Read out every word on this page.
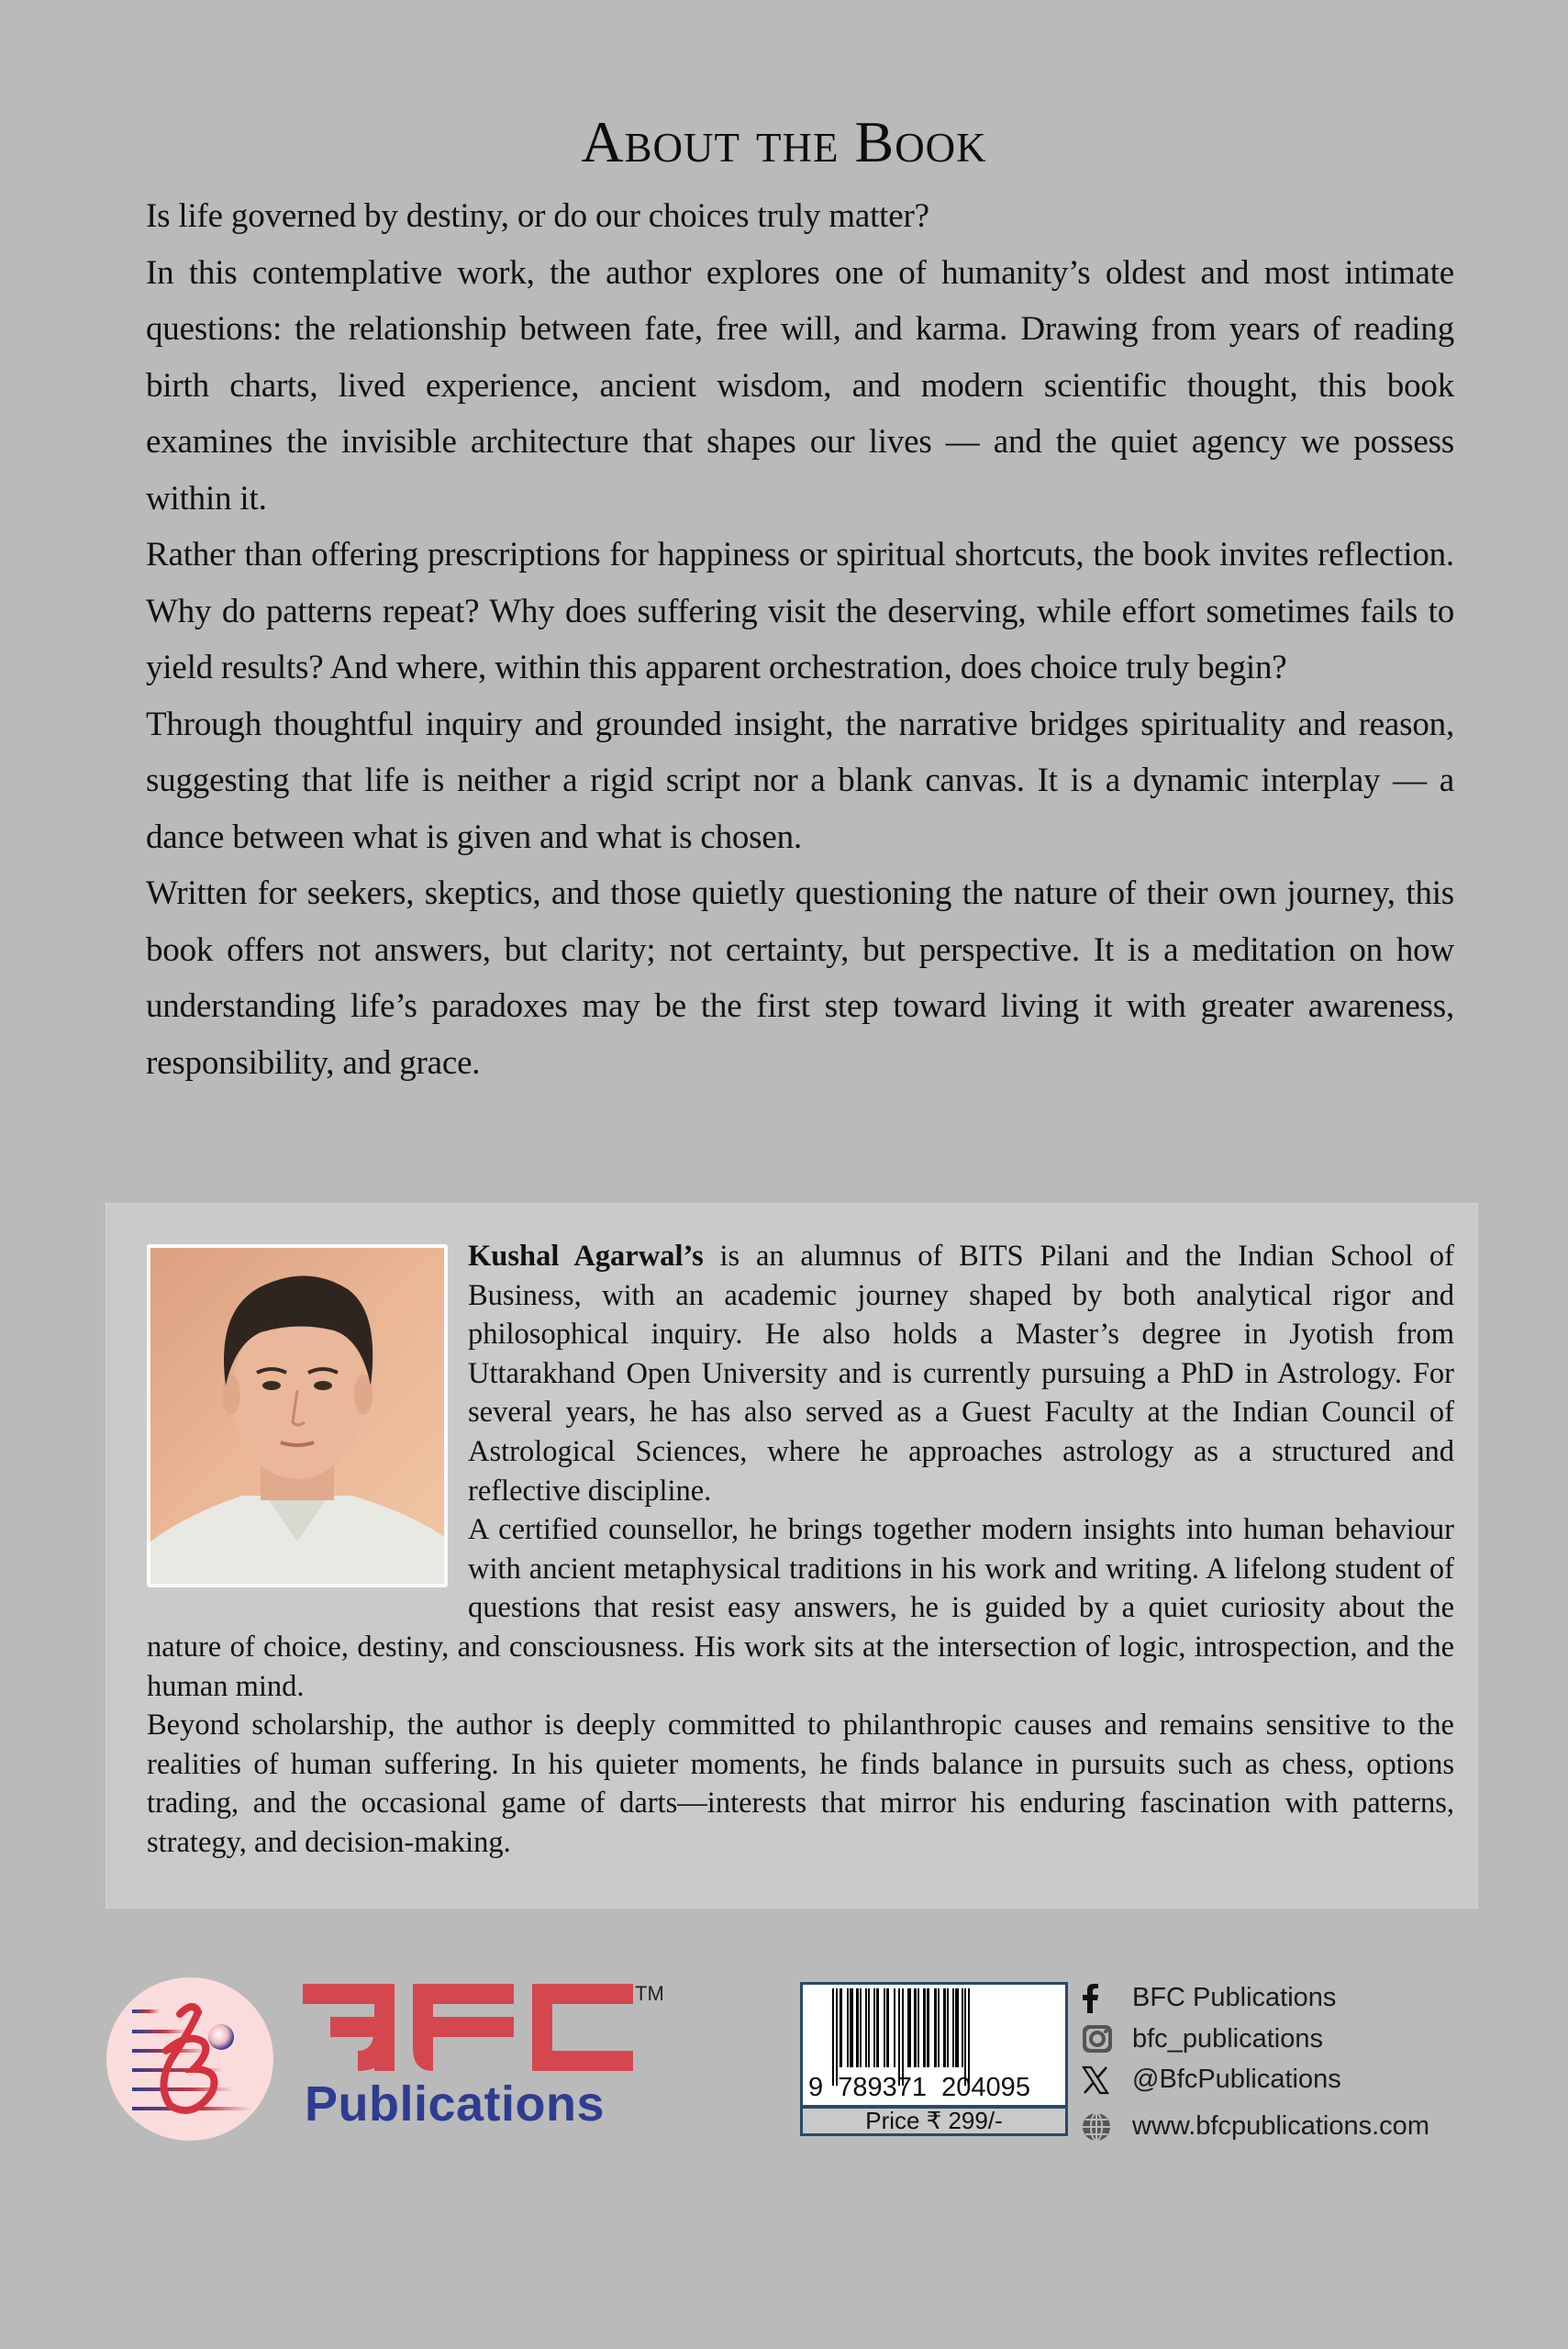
About the Book

Is life governed by destiny, or do our choices truly matter?

In this contemplative work, the author explores one of humanity’s oldest and most intimate questions: the relationship between fate, free will, and karma. Drawing from years of reading birth charts, lived experience, ancient wisdom, and modern scientific thought, this book examines the invisible architecture that shapes our lives — and the quiet agency we possess within it.

Rather than offering prescriptions for happiness or spiritual shortcuts, the book invites reflection. Why do patterns repeat? Why does suffering visit the deserving, while effort sometimes fails to yield results? And where, within this apparent orchestration, does choice truly begin?

Through thoughtful inquiry and grounded insight, the narrative bridges spirituality and reason, suggesting that life is neither a rigid script nor a blank canvas. It is a dynamic interplay — a dance between what is given and what is chosen.

Written for seekers, skeptics, and those quietly questioning the nature of their own journey, this book offers not answers, but clarity; not certainty, but perspective. It is a meditation on how understanding life’s paradoxes may be the first step toward living it with greater awareness, responsibility, and grace.

Kushal Agarwal’s is an alumnus of BITS Pilani and the Indian School of Business, with an academic journey shaped by both analytical rigor and philosophical inquiry. He also holds a Master’s degree in Jyotish from Uttarakhand Open University and is currently pursuing a PhD in Astrology. For several years, he has also served as a Guest Faculty at the Indian Council of Astrological Sciences, where he approaches astrology as a structured and reflective discipline.

A certified counsellor, he brings together modern insights into human behaviour with ancient metaphysical traditions in his work and writing. A lifelong student of questions that resist easy answers, he is guided by a quiet curiosity about the nature of choice, destiny, and consciousness. His work sits at the intersection of logic, introspection, and the human mind.

Beyond scholarship, the author is deeply committed to philanthropic causes and remains sensitive to the realities of human suffering. In his quieter moments, he finds balance in pursuits such as chess, options trading, and the occasional game of darts—interests that mirror his enduring fascination with patterns, strategy, and decision-making.

TM
Publications	9 789371 204095
Price ₹ 299/-
BFC Publications
bfc_publications
@BfcPublications
www.bfcpublications.com
